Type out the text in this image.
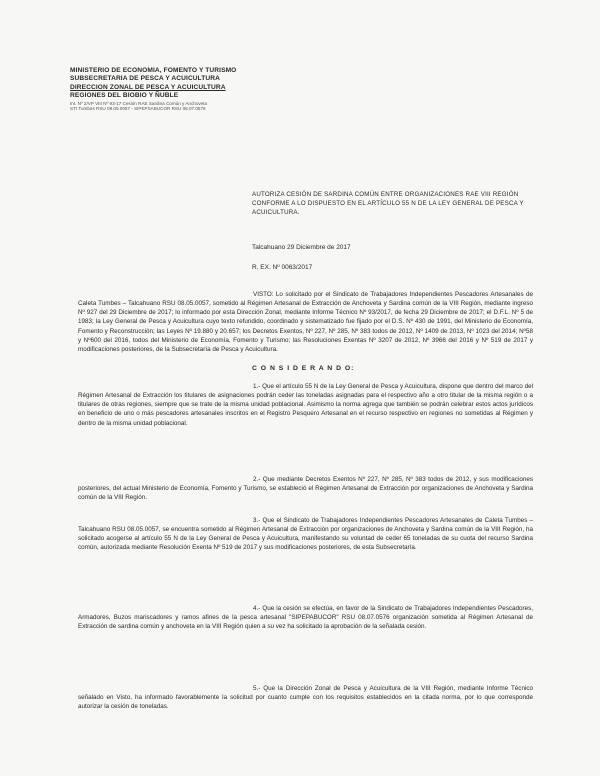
MINISTERIO DE ECONOMIA, FOMENTO Y TURISMO
SUBSECRETARIA DE PESCA Y ACUICULTURA
DIRECCION ZONAL DE PESCA Y ACUICULTURA
REGIONES DEL BIOBIO Y ÑUBLE
Int. Nº 2/VP VIII Nº 93-17 Cesión RAE Sardina Común y Anchoveta
STI Tumbes RSU 08.05.0057 - SIPEPSABUCOR RSU 08.07.0576
AUTORIZA CESIÓN DE SARDINA COMÚN ENTRE ORGANIZACIONES RAE VIII REGIÓN CONFORME A LO DISPUESTO EN EL ARTÍCULO 55 N DE LA LEY GENERAL DE PESCA Y ACUICULTURA.
Talcahuano 29 Diciembre de 2017
R. EX. Nº 0063/2017
VISTO: Lo solicitado por el Sindicato de Trabajadores Independientes Pescadores Artesanales de Caleta Tumbes – Talcahuano RSU 08.05.0057, sometido al Régimen Artesanal de Extracción de Anchoveta y Sardina común de la VIII Región, mediante ingreso Nº 927 del 29 Diciembre de 2017; lo informado por esta Dirección Zonal, mediante Informe Técnico Nº 93/2017, de fecha 29 Diciembre de 2017; el D.F.L. Nº 5 de 1983; la Ley General de Pesca y Acuicultura cuyo texto refundido, coordinado y sistematizado fue fijado por el D.S. Nº 430 de 1991, del Ministerio de Economía, Fomento y Reconstrucción; las Leyes Nº 19.880 y 20.657; los Decretos Exentos, Nº 227, Nº 285, Nº 383 todos de 2012, Nº 1409 de 2013, Nº 1023 del 2014; Nº58 y Nº600 del 2016, todos del Ministerio de Economía, Fomento y Turismo; las Resoluciones Exentas Nº 3207 de 2012, Nº 3966 del 2016 y Nº 519 de 2017 y modificaciones posteriores, de la Subsecretaría de Pesca y Acuicultura.
C O N S I D E R A N D O:
1.- Que el artículo 55 N de la Ley General de Pesca y Acuicultura, dispone que dentro del marco del Régimen Artesanal de Extracción los titulares de asignaciones podrán ceder las toneladas asignadas para el respectivo año a otro titular de la misma región o a titulares de otras regiones, siempre que se trate de la misma unidad poblacional. Asimismo la norma agrega que también se podrán celebrar estos actos jurídicos en beneficio de uno o más pescadores artesanales inscritos en el Registro Pesquero Artesanal en el recurso respectivo en regiones no sometidas al Régimen y dentro de la misma unidad poblacional.
2.- Que mediante Decretos Exentos Nº 227, Nº 285, Nº 383 todos de 2012, y sus modificaciones posteriores, del actual Ministerio de Economía, Fomento y Turismo, se estableció el Régimen Artesanal de Extracción por organizaciones de Anchoveta y Sardina común de la VIII Región.
3.- Que el Sindicato de Trabajadores Independientes Pescadores Artesanales de Caleta Tumbes – Talcahuano RSU 08.05.0057, se encuentra sometido al Régimen Artesanal de Extracción por organizaciones de Anchoveta y Sardina común de la VIII Región, ha solicitado acogerse al artículo 55 N de la Ley General de Pesca y Acuicultura, manifestando su voluntad de ceder 65 toneladas de su cuota del recurso Sardina común, autorizada mediante Resolución Exenta Nº 519 de 2017 y sus modificaciones posteriores, de esta Subsecretaría.
4.- Que la cesión se efectúa, en favor de la Sindicato de Trabajadores Independientes Pescadores, Armadores, Buzos mariscadores y ramos afines de la pesca artesanal "SIPEPABUCOR" RSU 08.07.0576 organización sometida al Régimen Artesanal de Extracción de sardina común y anchoveta en la VIII Región quien a su vez ha solicitado la aprobación de la señalada cesión.
5.- Que la Dirección Zonal de Pesca y Acuicultura de la VIII Región, mediante Informe Técnico señalado en Visto, ha informado favorablemente la solicitud por cuanto cumple con los requisitos establecidos en la citada norma, por lo que corresponde autorizar la cesión de toneladas.
